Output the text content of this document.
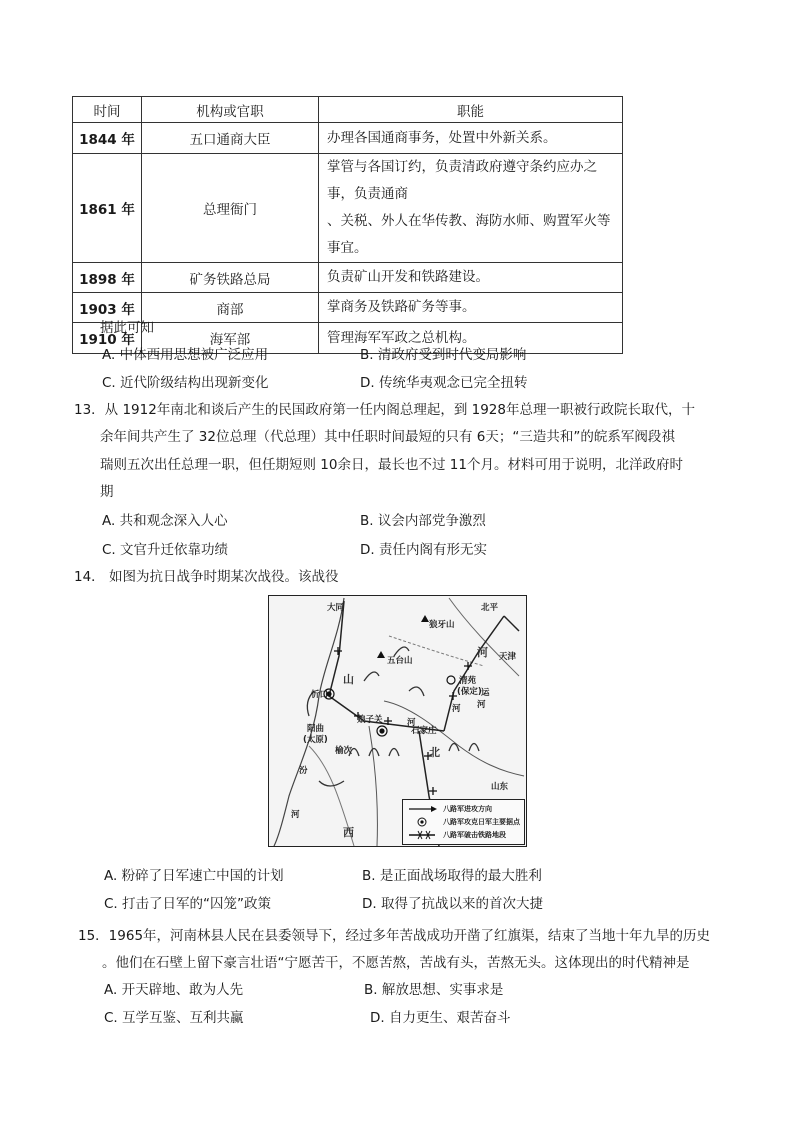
时间	机构或官职	职能
1844 年	五口通商大臣	办理各国通商事务，处置中外新关系。
1861 年	总理衙门	掌管与各国订约，负责清政府遵守条约应办之事，负责通商
、关税、外人在华传教、海防水师、购置军火等事宜。

1898 年	矿务铁路总局	负责矿山开发和铁路建设。
1903 年	商部	掌商务及铁路矿务等事。
1910 年	海军部	管理海军军政之总机构。
据此可知
A. 中体西用思想被广泛应用	B. 清政府受到时代变局影响
C. 近代阶级结构出现新变化	D. 传统华夷观念已完全扭转
13．从 1912年南北和谈后产生的民国政府第一任内阁总理起，到 1928年总理一职被行政院长取代，十
余年间共产生了 32位总理（代总理）其中任职时间最短的只有 6天；“三造共和”的皖系军阀段祺
瑞则五次出任总理一职，但任期短则 10余日，最长也不过 11个月。材料可用于说明，北洋政府时
期
A. 共和观念深入人心	B. 议会内部党争激烈
C. 文官升迁依靠功绩	D. 责任内阁有形无实
14． 如图为抗日战争时期某次战役。该战役
大同	北平
天津
五台山
狼牙山
清苑
(保定)
忻口
阳曲
(太原)
娘子关
石家庄
榆次
山东
山
河
北
西
河
运
河
汾
河
河
八路军进攻方向
八路军攻克日军主要据点
八路军破击铁路地段
A. 粉碎了日军速亡中国的计划	B. 是正面战场取得的最大胜利
C. 打击了日军的“囚笼”政策	D. 取得了抗战以来的首次大捷
15．1965年，河南林县人民在县委领导下，经过多年苦战成功开凿了红旗渠，结束了当地十年九旱的历史
。他们在石壁上留下豪言壮语“宁愿苦干，不愿苦熬，苦战有头，苦熬无头。这体现出的时代精神是
A. 开天辟地、敢为人先	B. 解放思想、实事求是
C. 互学互鉴、互利共赢	D. 自力更生、艰苦奋斗
